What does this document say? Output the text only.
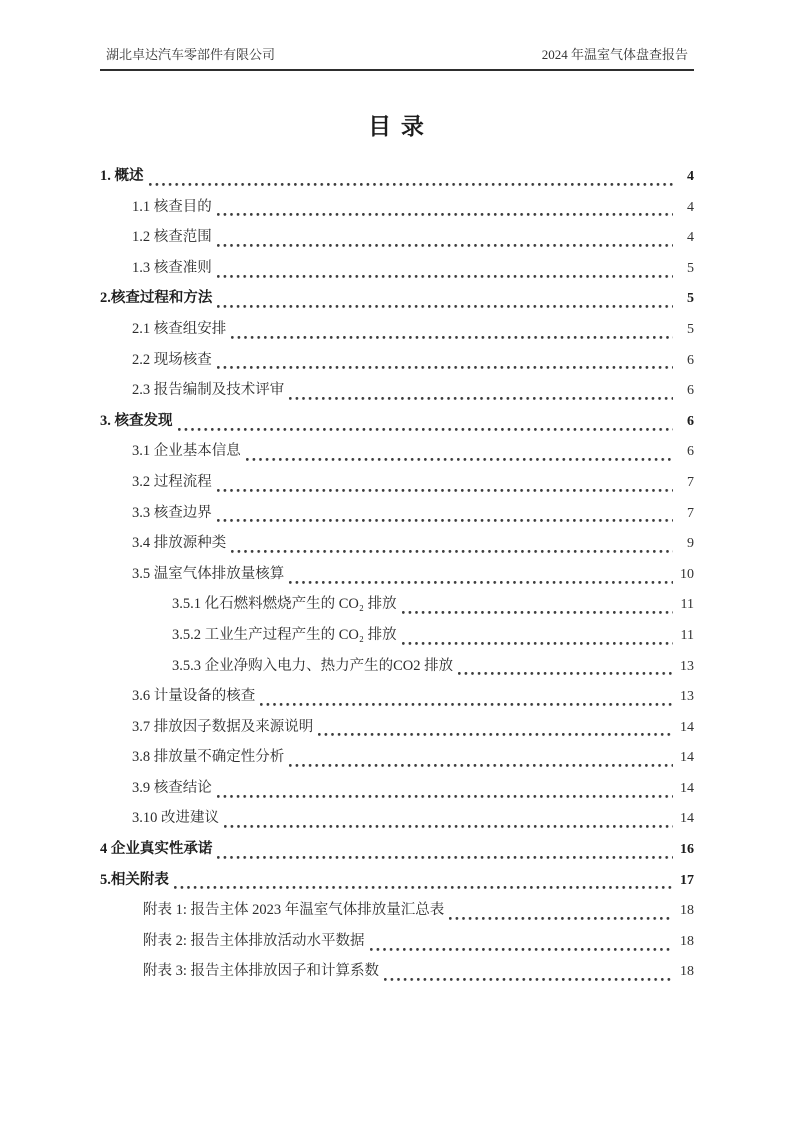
湖北卓达汽车零部件有限公司	2024 年温室气体盘查报告
目 录
1. 概述	4
1.1 核查目的	4
1.2 核查范围	4
1.3 核查准则	5
2.核查过程和方法	5
2.1 核查组安排	5
2.2 现场核查	6
2.3 报告编制及技术评审	6
3. 核查发现	6
3.1 企业基本信息	6
3.2 过程流程	7
3.3 核查边界	7
3.4 排放源种类	9
3.5 温室气体排放量核算	10
3.5.1 化石燃料燃烧产生的 CO₂ 排放	11
3.5.2 工业生产过程产生的 CO₂ 排放	11
3.5.3 企业净购入电力、热力产生的CO2 排放	13
3.6 计量设备的核查	13
3.7 排放因子数据及来源说明	14
3.8 排放量不确定性分析	14
3.9 核查结论	14
3.10 改进建议	14
4 企业真实性承诺	16
5.相关附表	17
附表 1: 报告主体 2023 年温室气体排放量汇总表	18
附表 2: 报告主体排放活动水平数据	18
附表 3: 报告主体排放因子和计算系数	18
